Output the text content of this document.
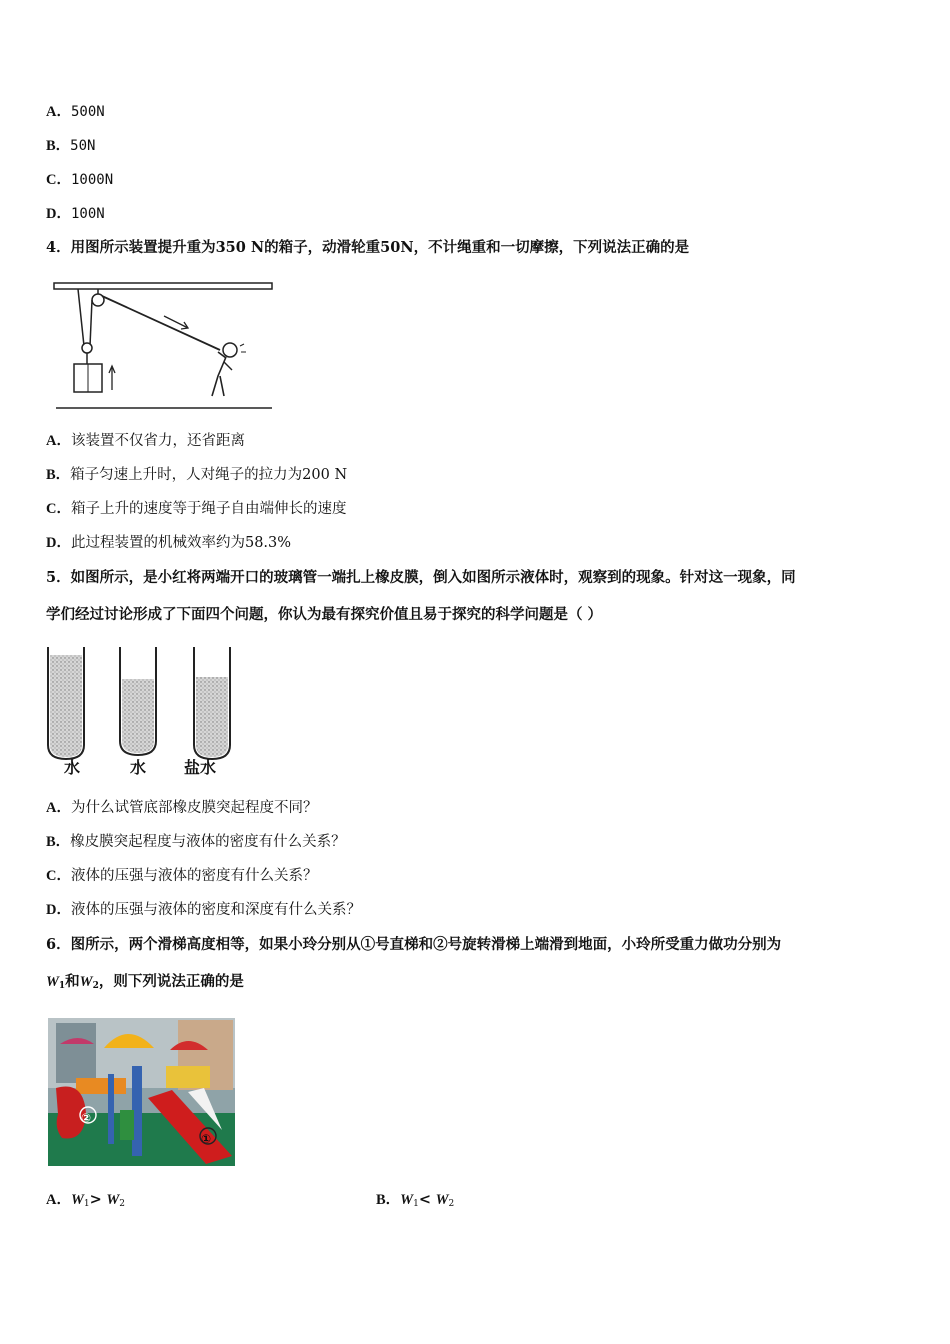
A．500N
B．50N
C．1000N
D．100N
4．用图所示装置提升重为350 N的箱子，动滑轮重50N，不计绳重和一切摩擦，下列说法正确的是
A．该装置不仅省力，还省距离
B．箱子匀速上升时，人对绳子的拉力为200 N
C．箱子上升的速度等于绳子自由端伸长的速度
D．此过程装置的机械效率约为58.3%
5．如图所示，是小红将两端开口的玻璃管一端扎上橡皮膜，倒入如图所示液体时，观察到的现象。针对这一现象，同
学们经过讨论形成了下面四个问题，你认为最有探究价值且易于探究的科学问题是（ ）
水	水 盐水
A．为什么试管底部橡皮膜突起程度不同？
B．橡皮膜突起程度与液体的密度有什么关系？
C．液体的压强与液体的密度有什么关系？
D．液体的压强与液体的密度和深度有什么关系？
6．图所示，两个滑梯高度相等，如果小玲分别从①号直梯和②号旋转滑梯上端滑到地面，小玲所受重力做功分别为
$W_1$和$W_2$，则下列说法正确的是
②
①
A．$W_1> W_2$	B．$W_1< W_2$
